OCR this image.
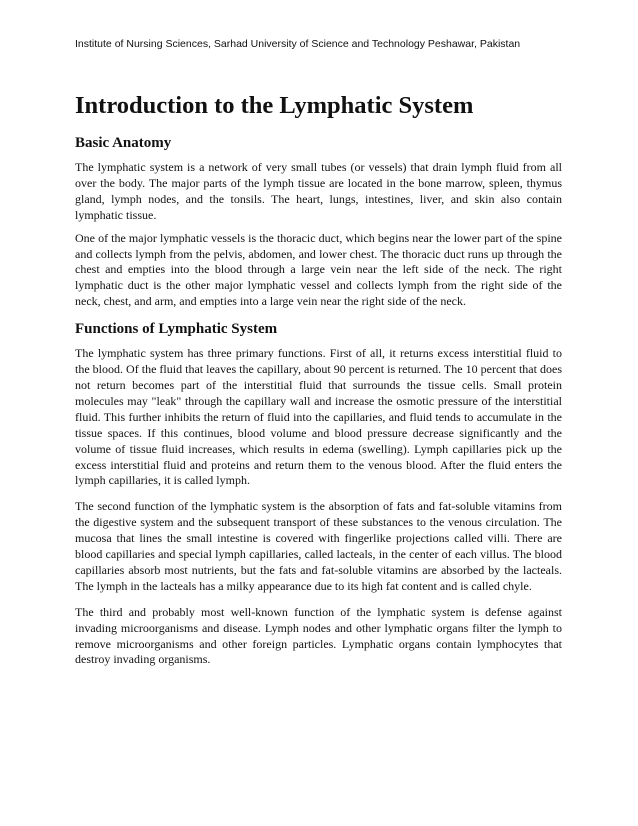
Institute of Nursing Sciences, Sarhad University of Science and Technology Peshawar, Pakistan
Introduction to the Lymphatic System
Basic Anatomy

The lymphatic system is a network of very small tubes (or vessels) that drain lymph fluid from all over the body. The major parts of the lymph tissue are located in the bone marrow, spleen, thymus gland, lymph nodes, and the tonsils. The heart, lungs, intestines, liver, and skin also contain lymphatic tissue.

One of the major lymphatic vessels is the thoracic duct, which begins near the lower part of the spine and collects lymph from the pelvis, abdomen, and lower chest. The thoracic duct runs up through the chest and empties into the blood through a large vein near the left side of the neck. The right lymphatic duct is the other major lymphatic vessel and collects lymph from the right side of the neck, chest, and arm, and empties into a large vein near the right side of the neck.

Functions of Lymphatic System

The lymphatic system has three primary functions. First of all, it returns excess interstitial fluid to the blood. Of the fluid that leaves the capillary, about 90 percent is returned. The 10 percent that does not return becomes part of the interstitial fluid that surrounds the tissue cells. Small protein molecules may "leak" through the capillary wall and increase the osmotic pressure of the interstitial fluid. This further inhibits the return of fluid into the capillaries, and fluid tends to accumulate in the tissue spaces. If this continues, blood volume and blood pressure decrease significantly and the volume of tissue fluid increases, which results in edema (swelling). Lymph capillaries pick up the excess interstitial fluid and proteins and return them to the venous blood. After the fluid enters the lymph capillaries, it is called lymph.

The second function of the lymphatic system is the absorption of fats and fat-soluble vitamins from the digestive system and the subsequent transport of these substances to the venous circulation. The mucosa that lines the small intestine is covered with fingerlike projections called villi. There are blood capillaries and special lymph capillaries, called lacteals, in the center of each villus. The blood capillaries absorb most nutrients, but the fats and fat-soluble vitamins are absorbed by the lacteals. The lymph in the lacteals has a milky appearance due to its high fat content and is called chyle.

The third and probably most well-known function of the lymphatic system is defense against invading microorganisms and disease. Lymph nodes and other lymphatic organs filter the lymph to remove microorganisms and other foreign particles. Lymphatic organs contain lymphocytes that destroy invading organisms.
